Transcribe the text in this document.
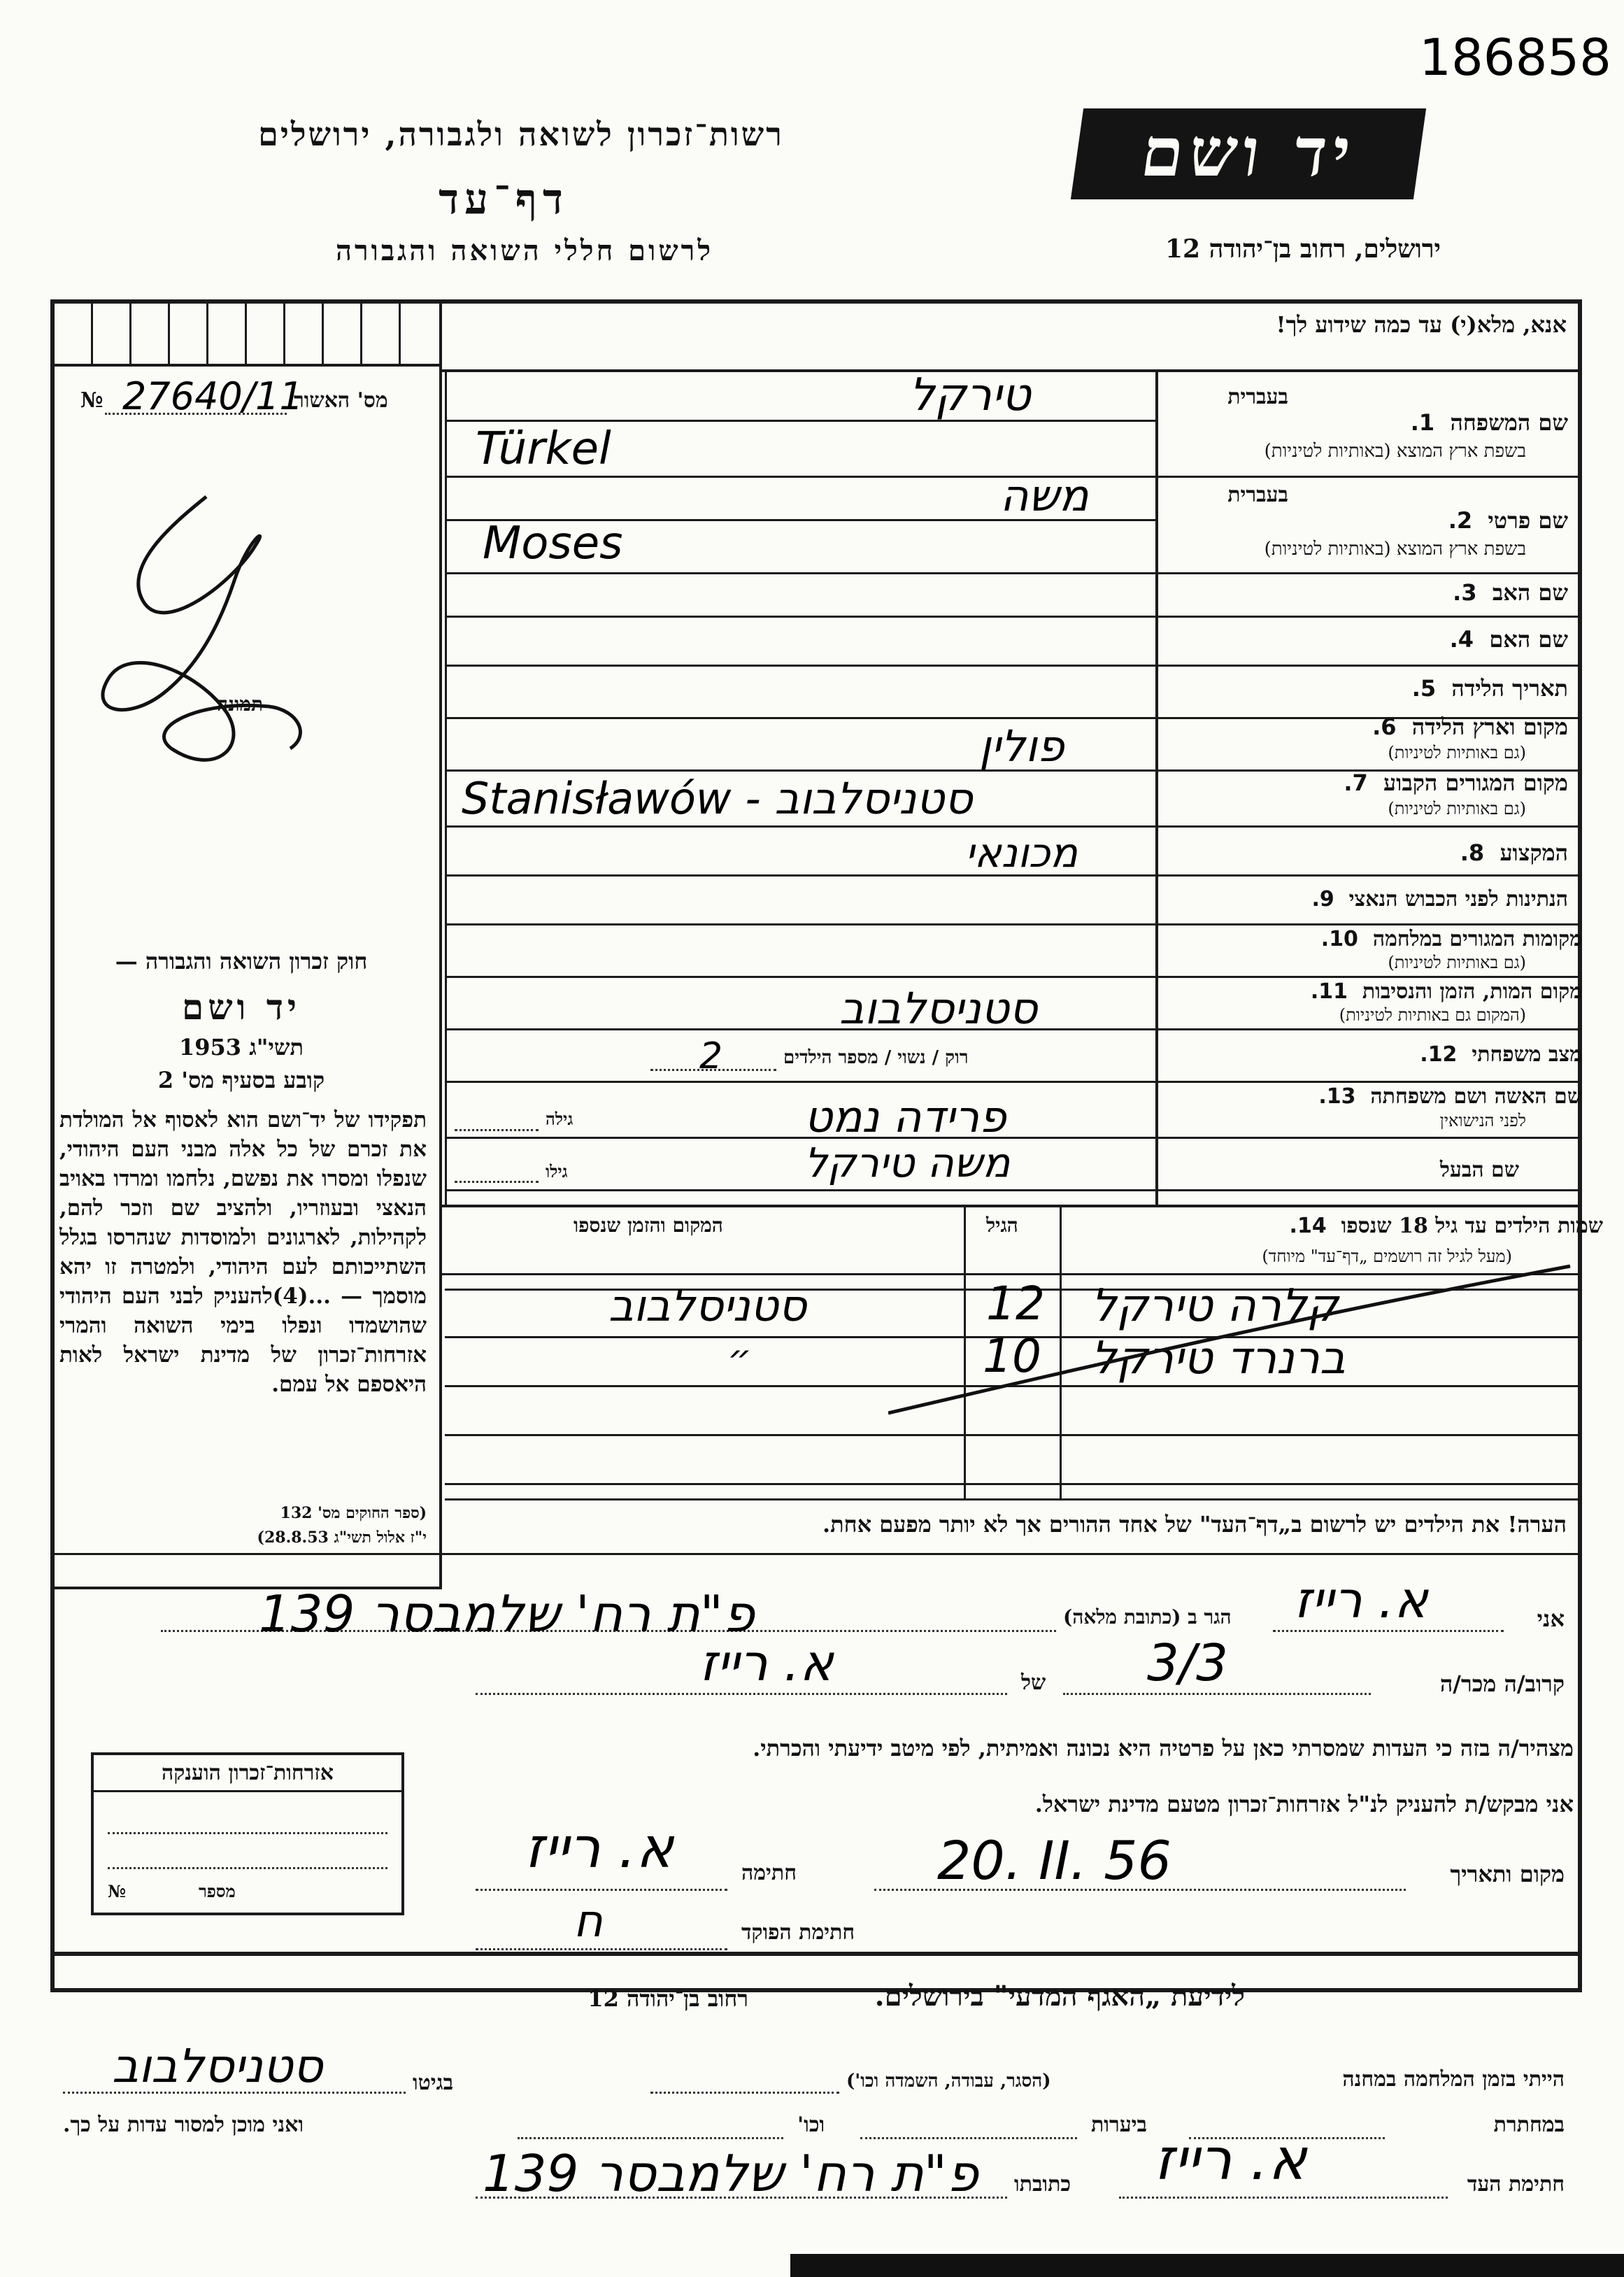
186858
רשות־זכרון לשואה ולגבורה, ירושלים
דף־עד
לרשום חללי השואה והגבורה
יד ושם
ירושלים, רחוב בן־יהודה 12
מס' האשור
№ 27640/11
תמונה
חוק זכרון השואה והגבורה —
יד ושם
תשי"ג 1953
קובע בסעיף מס' 2
תפקידו של יד־ושם הוא לאסוף אל המולדת את זכרם של כל אלה מבני העם היהודי, שנפלו ומסרו את נפשם, נלחמו ומרדו באויב הנאצי ובעוזריו, ולהציב שם וזכר להם, לקהילות, לארגונים ולמוסדות שנהרסו בגלל השתייכותם לעם היהודי, ולמטרה זו יהא מוסמך — ...(4)להעניק לבני העם היהודי שהושמדו ונפלו בימי השואה והמרי אזרחות־זכרון של מדינת ישראל לאות היאספם אל עמם.
(ספר החוקים מס' 132
י"ז אלול תשי"ג 28.8.53)
אנא, מלא(י) עד כמה שידוע לך!
בעברית
שם המשפחה  1.
בשפת ארץ המוצא (באותיות לטיניות)
טירקל
Türkel
בעברית
שם פרטי  2.
בשפת ארץ המוצא (באותיות לטיניות)
משה
Moses
שם האב  3.
שם האם  4.
תאריך הלידה  5.
מקום וארץ הלידה  6.
(גם באותיות לטיניות)
פולין
מקום המגורים הקבוע  7.
(גם באותיות לטיניות)
Stanisławów - סטניסלבוב
המקצוע  8.
מכונאי
הנתינות לפני הכבוש הנאצי  9.
מקומות המגורים במלחמה  10.
(גם באותיות לטיניות)
מקום המות, הזמן והנסיבות  11.
(המקום גם באותיות לטיניות)
סטניסלבוב
מצב משפחתי  12.
רוק / נשוי / מספר הילדים
2
שם האשה ושם משפחתה  13.
לפני הנישואין
גילה	פרידה נמט
שם הבעל
גילו	משה טירקל
שמות הילדים עד גיל 18 שנספו  14.
(מעל לגיל זה רושמים „דף־עד" מיוחד)
הגיל
המקום והזמן שנספו
קלרה טירקל
12
סטניסלבוב
ברנרד טירקל
10
״
הערה! את הילדים יש לרשום ב„דף־העד" של אחד ההורים אך לא יותר מפעם אחת.
אני
א. רייז
הגר ב (כתובת מלאה)
פ"ת רח' שלמבסר 139
קרוב/ה מכר/ה
3/3
של
א. רייז
מצהיר/ה בזה כי העדות שמסרתי כאן על פרטיה היא נכונה ואמיתית, לפי מיטב ידיעתי והכרתי.
אני מבקש/ת להעניק לנ"ל אזרחות־זכרון מטעם מדינת ישראל.
מקום ותאריך
20. II. 56
חתימה
א. רייז
חתימת הפוקד
ח
אזרחות־זכרון הוענקה
מספר
№
לידיעת „האגף המדעי" בירושלים.
רחוב בן־יהודה 12
הייתי בזמן המלחמה במחנה
(הסגר, עבודה, השמדה וכו')
בגיטו
סטניסלבוב
במחתרת
ביערות
וכו'
ואני מוכן למסור עדות על כך.
חתימת העד
א. רייז
כתובתו
פ"ת רח' שלמבסר 139
